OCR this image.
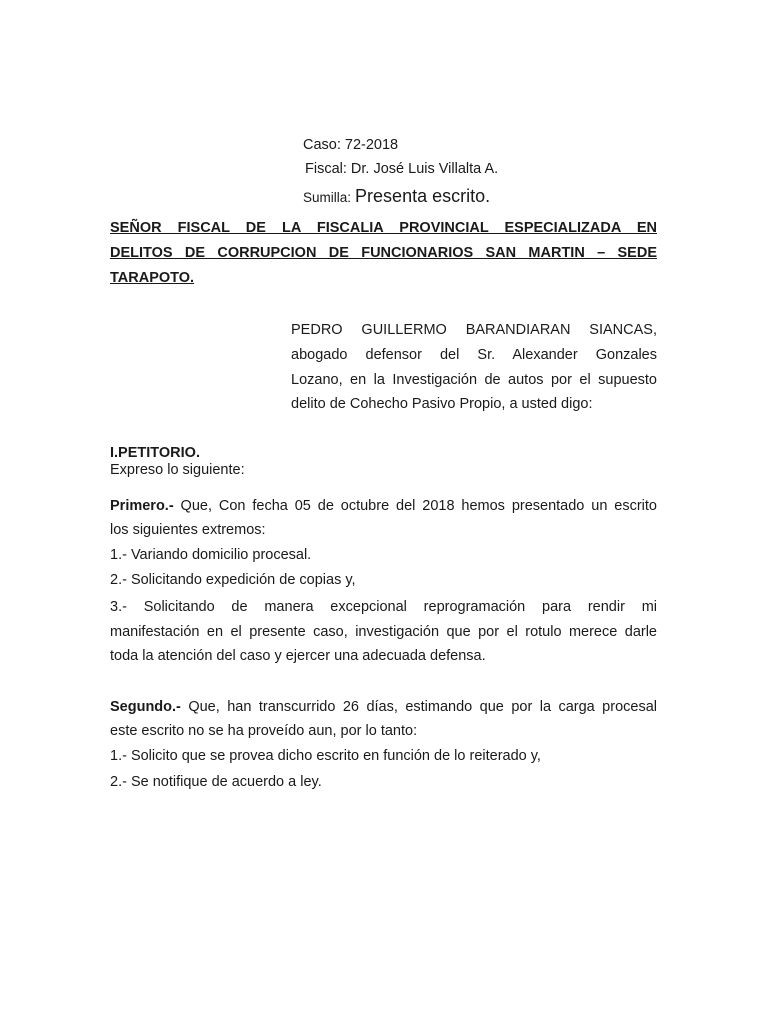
Caso: 72-2018
Fiscal: Dr. José Luis Villalta A.
Sumilla: Presenta escrito.
SEÑOR FISCAL DE LA FISCALIA PROVINCIAL ESPECIALIZADA EN
DELITOS DE CORRUPCION DE FUNCIONARIOS SAN MARTIN – SEDE
TARAPOTO.
PEDRO GUILLERMO BARANDIARAN SIANCAS,
abogado defensor del Sr. Alexander Gonzales
Lozano, en la Investigación de autos por el supuesto
delito de Cohecho Pasivo Propio, a usted digo:
I.PETITORIO.
Expreso lo siguiente:
Primero.- Que, Con fecha 05 de octubre del 2018 hemos presentado un escrito
los siguientes extremos:
1.- Variando domicilio procesal.
2.- Solicitando expedición de copias y,
3.- Solicitando de manera excepcional reprogramación para rendir mi
manifestación en el presente caso, investigación que por el rotulo merece darle
toda la atención del caso y ejercer una adecuada defensa.
Segundo.- Que, han transcurrido 26 días, estimando que por la carga procesal
este escrito no se ha proveído aun, por lo tanto:
1.- Solicito que se provea dicho escrito en función de lo reiterado y,
2.- Se notifique de acuerdo a ley.
